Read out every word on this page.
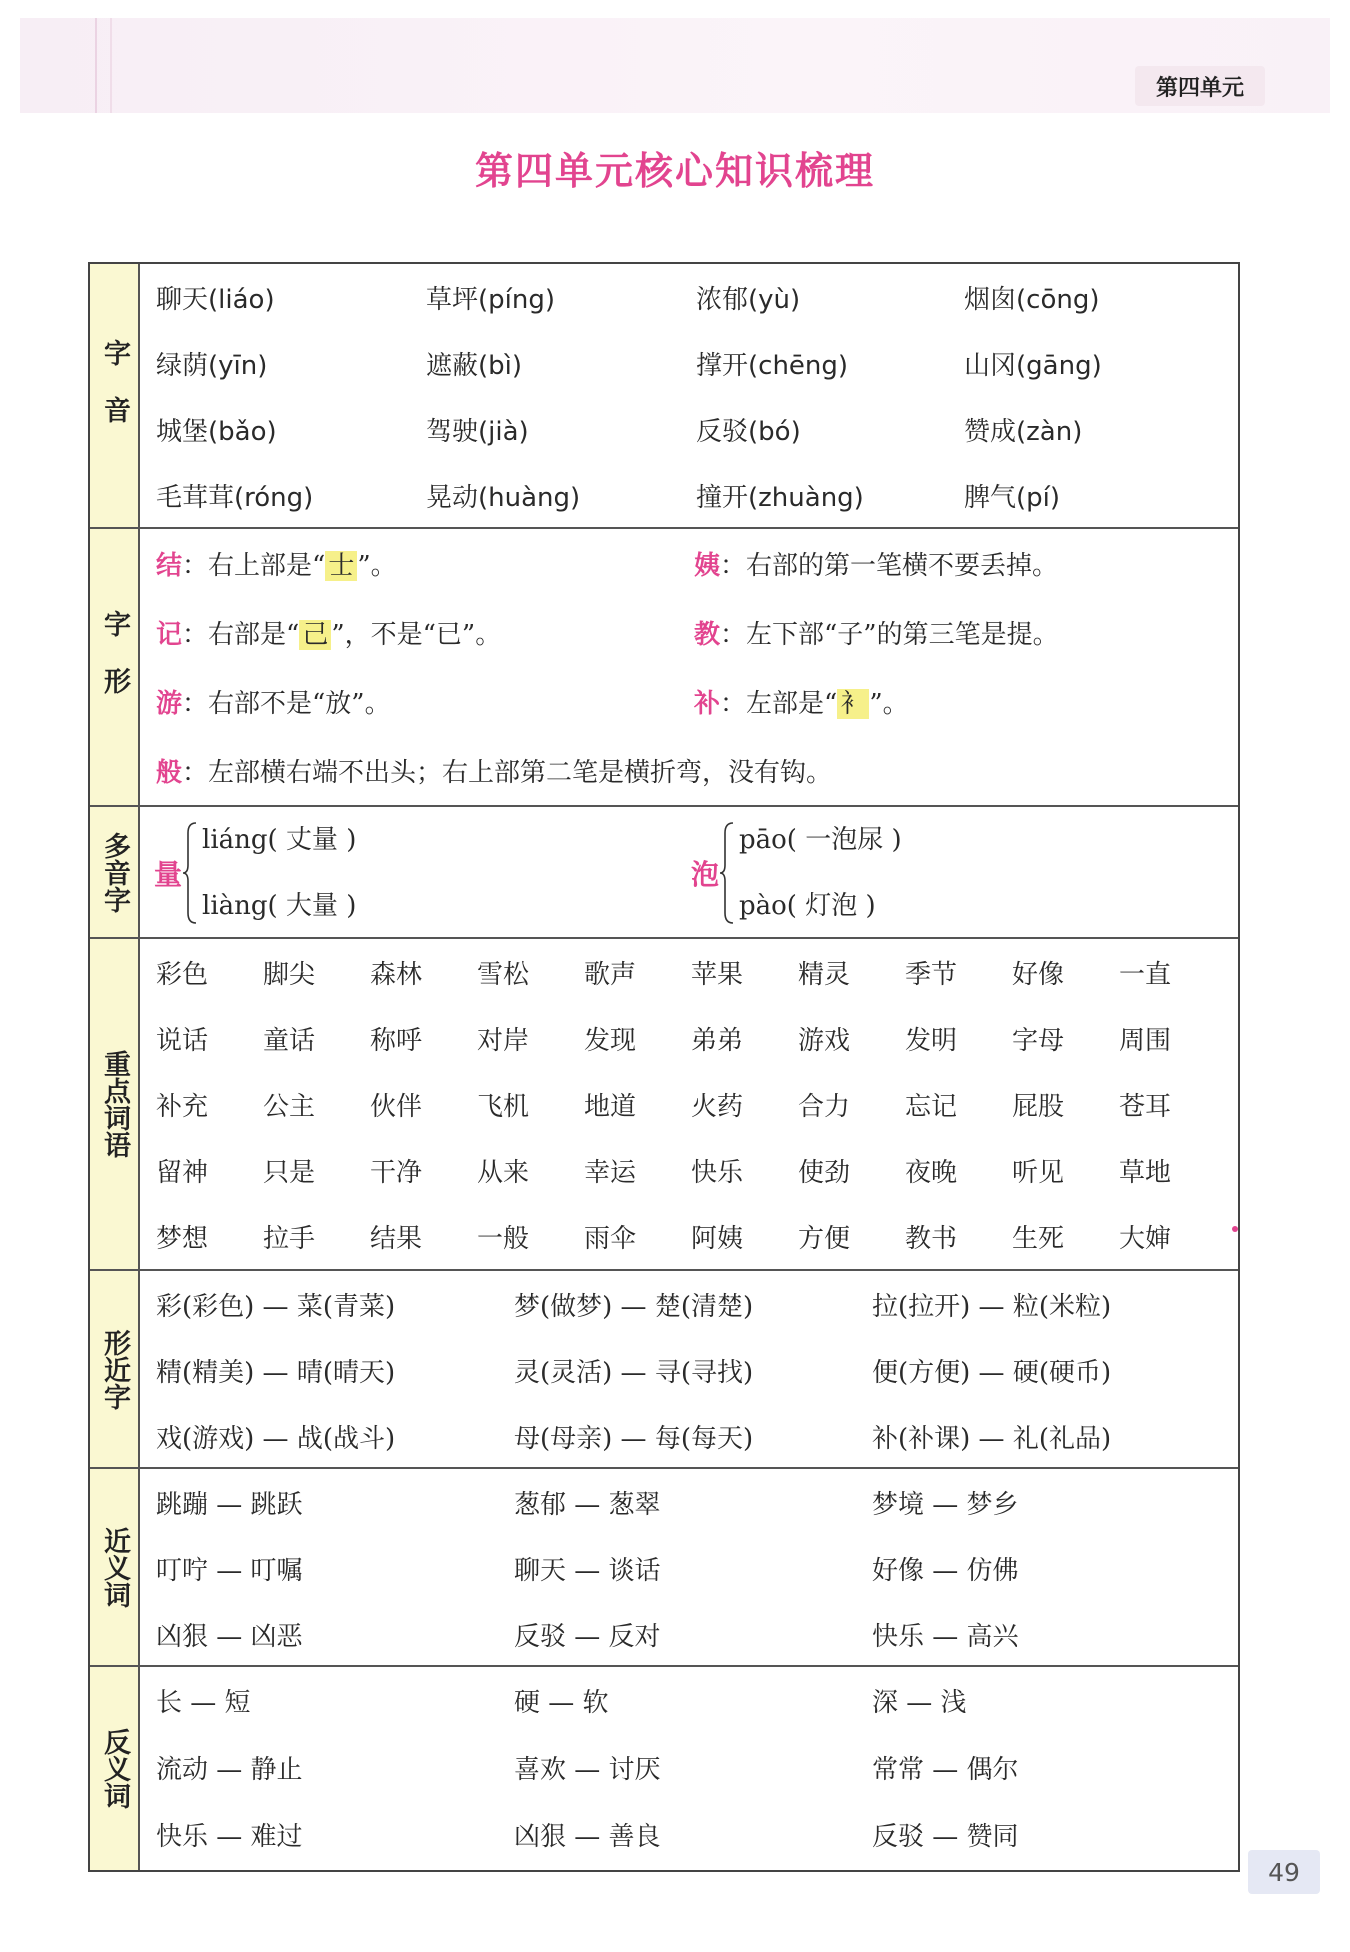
第四单元
第四单元核心知识梳理
字音
聊天(liáo)	草坪(píng)	浓郁(yù)	烟囱(cōng)
绿荫(yīn)	遮蔽(bì)	撑开(chēng)	山冈(gāng)
城堡(bǎo)	驾驶(jià)	反驳(bó)	赞成(zàn)
毛茸茸(róng)	晃动(huàng)	撞开(zhuàng)	脾气(pí)
字形
结：右上部是“ 士 ”。	姨：右部的第一笔横不要丢掉。
记：右部是“ 己 ”，不是“已”。	教：左下部“子”的第三笔是提。
游：右部不是“放”。	补：左部是“ 衤 ”。
般：左部横右端不出头；右上部第二笔是横折弯，没有钩。
多音字 量
liáng( 丈量 )
liàng( 大量 )
泡
pāo( 一泡尿 )
pào( 灯泡 )
重点词语
彩色	脚尖	森林	雪松	歌声	苹果	精灵	季节	好像	一直
说话	童话	称呼	对岸	发现	弟弟	游戏	发明	字母	周围
补充	公主	伙伴	飞机	地道	火药	合力	忘记	屁股	苍耳
留神	只是	干净	从来	幸运	快乐	使劲	夜晚	听见	草地
梦想	拉手	结果	一般	雨伞	阿姨	方便	教书	生死	大婶
形近字
彩(彩色) — 菜(青菜)	梦(做梦) — 楚(清楚)	拉(拉开) — 粒(米粒)
精(精美) — 晴(晴天)	灵(灵活) — 寻(寻找)	便(方便) — 硬(硬币)
戏(游戏) — 战(战斗)	母(母亲) — 每(每天)	补(补课) — 礼(礼品)
近义词
跳蹦 — 跳跃	葱郁 — 葱翠	梦境 — 梦乡
叮咛 — 叮嘱	聊天 — 谈话	好像 — 仿佛
凶狠 — 凶恶	反驳 — 反对	快乐 — 高兴
反义词
长 — 短	硬 — 软	深 — 浅
流动 — 静止	喜欢 — 讨厌	常常 — 偶尔
快乐 — 难过	凶狠 — 善良	反驳 — 赞同
49
